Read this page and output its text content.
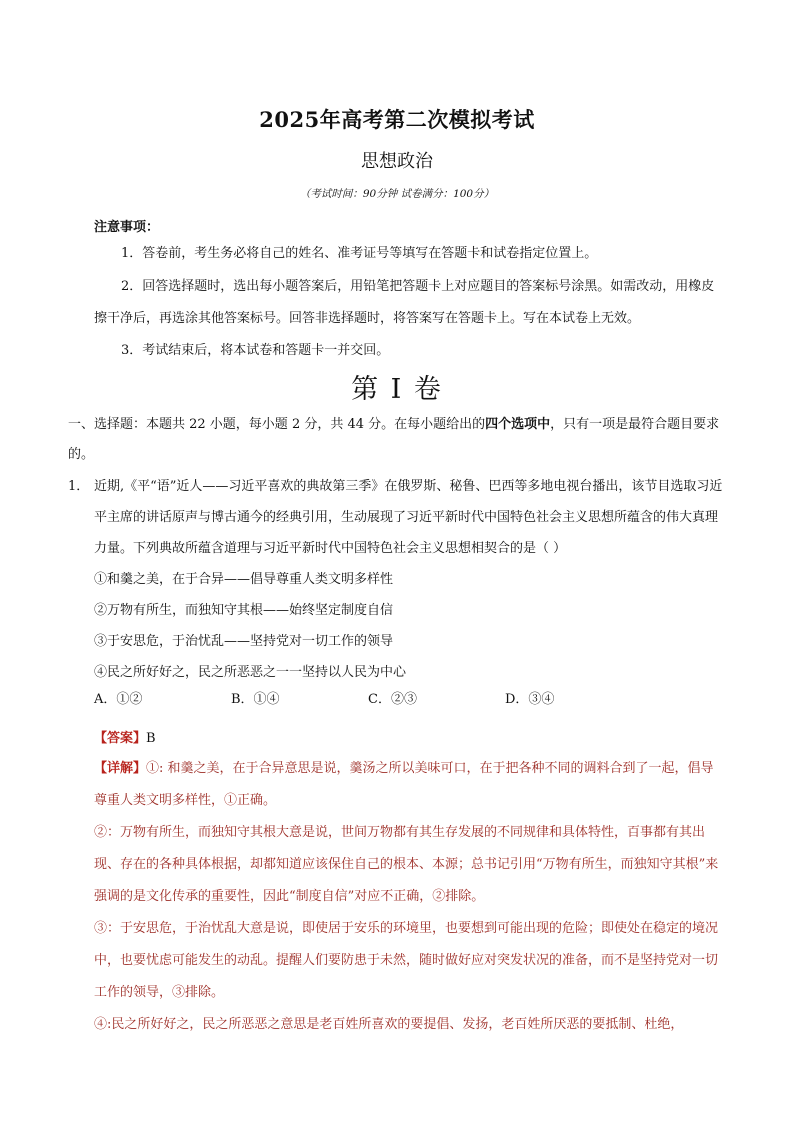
2025年高考第二次模拟考试
思想政治
（考试时间：90分钟 试卷满分：100分）
注意事项：
1．答卷前，考生务必将自己的姓名、准考证号等填写在答题卡和试卷指定位置上。
2．回答选择题时，选出每小题答案后，用铅笔把答题卡上对应题目的答案标号涂黑。如需改动，用橡皮擦干净后，再选涂其他答案标号。回答非选择题时，将答案写在答题卡上。写在本试卷上无效。
3．考试结束后，将本试卷和答题卡一并交回。
第 I 卷
一、选择题：本题共 22 小题，每小题 2 分，共 44 分。在每小题给出的四个选项中，只有一项是最符合题目要求的。
1． 近期,《平“语”近人——习近平喜欢的典故第三季》在俄罗斯、秘鲁、巴西等多地电视台播出，该节目选取习近平主席的讲话原声与博古通今的经典引用，生动展现了习近平新时代中国特色社会主义思想所蕴含的伟大真理力量。下列典故所蕴含道理与习近平新时代中国特色社会主义思想相契合的是（ ）
①和羹之美，在于合异——倡导尊重人类文明多样性
②万物有所生，而独知守其根——始终坚定制度自信
③于安思危，于治忧乱——坚持党对一切工作的领导
④民之所好好之，民之所恶恶之一一坚持以人民为中心
A．①②	B．①④	C．②③	D．③④
【答案】B

【详解】①: 和羹之美，在于合异意思是说，羹汤之所以美味可口，在于把各种不同的调料合到了一起，倡导尊重人类文明多样性，①正确。

②：万物有所生，而独知守其根大意是说，世间万物都有其生存发展的不同规律和具体特性，百事都有其出现、存在的各种具体根据，却都知道应该保住自己的根本、本源；总书记引用“万物有所生，而独知守其根”来强调的是文化传承的重要性，因此“制度自信”对应不正确，②排除。

③：于安思危，于治忧乱大意是说，即使居于安乐的环境里，也要想到可能出现的危险；即使处在稳定的境况中，也要忧虑可能发生的动乱。提醒人们要防患于未然，随时做好应对突发状况的准备，而不是坚持党对一切工作的领导，③排除。

④:民之所好好之，民之所恶恶之意思是老百姓所喜欢的要提倡、发扬，老百姓所厌恶的要抵制、杜绝，
